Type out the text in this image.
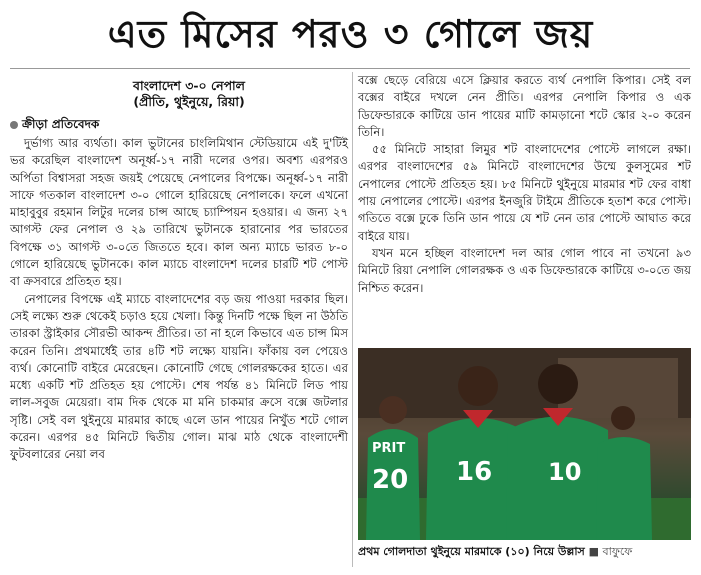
এত মিসের পরও ৩ গোলে জয়
বাংলাদেশ ৩-০ নেপাল
(প্রীতি, থুইনুয়ে, রিয়া)
ক্রীড়া প্রতিবেদক

দুর্ভাগ্য আর ব্যর্থতা। কাল ভুটানের চাংলিমিথান স্টেডিয়ামে এই দু'টিই ভর করেছিল বাংলাদেশ অনূর্ধ্ব-১৭ নারী দলের ওপর। অবশ্য এরপরও অর্পিতা বিশ্বাসরা সহজ জয়ই পেয়েছে নেপালের বিপক্ষে। অনূর্ধ্ব-১৭ নারী সাফে গতকাল বাংলাদেশ ৩-০ গোলে হারিয়েছে নেপালকে। ফলে এখনো মাহাবুবুর রহমান লিটুর দলের চান্স আছে চ্যাম্পিয়ন হওয়ার। এ জন্য ২৭ আগস্ট ফের নেপাল ও ২৯ তারিখে ভুটানকে হারানোর পর ভারতের বিপক্ষে ৩১ আগস্ট ৩-০তে জিততে হবে। কাল অন্য ম্যাচে ভারত ৮-০ গোলে হারিয়েছে ভুটানকে। কাল ম্যাচে বাংলাদেশ দলের চারটি শট পোস্ট বা ক্রসবারে প্রতিহত হয়।

নেপালের বিপক্ষে এই ম্যাচে বাংলাদেশের বড় জয় পাওয়া দরকার ছিল। সেই লক্ষ্যে শুরু থেকেই চড়াও হয়ে খেলা। কিন্তু দিনটি পক্ষে ছিল না উঠতি তারকা স্ট্রাইকার সৌরভী আকন্দ প্রীতির। তা না হলে কিভাবে এত চান্স মিস করেন তিনি। প্রথমার্ধেই তার ৪টি শট লক্ষ্যে যায়নি। ফাঁকায় বল পেয়েও ব্যর্থ। কোনোটি বাইরে মেরেছেন। কোনোটি গেছে গোলরক্ষকের হাতে। এর মধ্যে একটি শট প্রতিহত হয় পোস্টে। শেষ পর্যন্ত ৪১ মিনিটে লিড পায় লাল-সবুজ মেয়েরা। বাম দিক থেকে মা মনি চাকমার ক্রসে বক্সে জটলার সৃষ্টি। সেই বল থুইনুয়ে মারমার কাছে এলে ডান পায়ের নিখুঁত শটে গোল করেন। এরপর ৪৫ মিনিটে দ্বিতীয় গোল। মাঝ মাঠ থেকে বাংলাদেশী ফুটবলারের নেয়া লব

বক্সে ছেড়ে বেরিয়ে এসে ক্লিয়ার করতে ব্যর্থ নেপালি কিপার। সেই বল বক্সের বাইরে দখলে নেন প্রীতি। এরপর নেপালি কিপার ও এক ডিফেন্ডারকে কাটিয়ে ডান পায়ের মাটি কামড়ানো শটে স্কোর ২-০ করেন তিনি।

৫৫ মিনিটে সাহারা লিমুর শট বাংলাদেশের পোস্টে লাগলে রক্ষা। এরপর বাংলাদেশের ৫৯ মিনিটে বাংলাদেশের উম্মে কুলসুমের শট নেপালের পোস্টে প্রতিহত হয়। ৮৫ মিনিটে থুইনুয়ে মারমার শট ফের বাধা পায় নেপালের পোস্টে। এরপর ইনজুরি টাইমে প্রীতিকে হতাশ করে পোস্ট। গতিতে বক্সে ঢুকে তিনি ডান পায়ে যে শট নেন তার পোস্টে আঘাত করে বাইরে যায়।

যখন মনে হচ্ছিল বাংলাদেশ দল আর গোল পাবে না তখনো ৯৩ মিনিটে রিয়া নেপালি গোলরক্ষক ও এক ডিফেন্ডারকে কাটিয়ে ৩-০তে জয় নিশ্চিত করেন।

20
PRIT
16 10
প্রথম গোলদাতা থুইনুয়ে মারমাকে (১০) নিয়ে উল্লাস ■ বাফুফে
